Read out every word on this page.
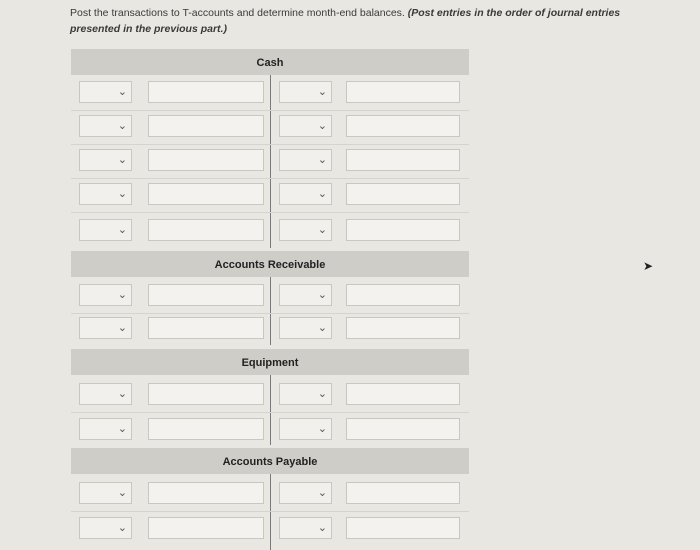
Post the transactions to T-accounts and determine month-end balances. (Post entries in the order of journal entries presented in the previous part.)
Cash
⌄	⌄
⌄	⌄
⌄	⌄
⌄	⌄
⌄	⌄
Accounts Receivable
⌄	⌄
⌄	⌄
Equipment
⌄	⌄
⌄	⌄
Accounts Payable
⌄	⌄
⌄	⌄
➤
